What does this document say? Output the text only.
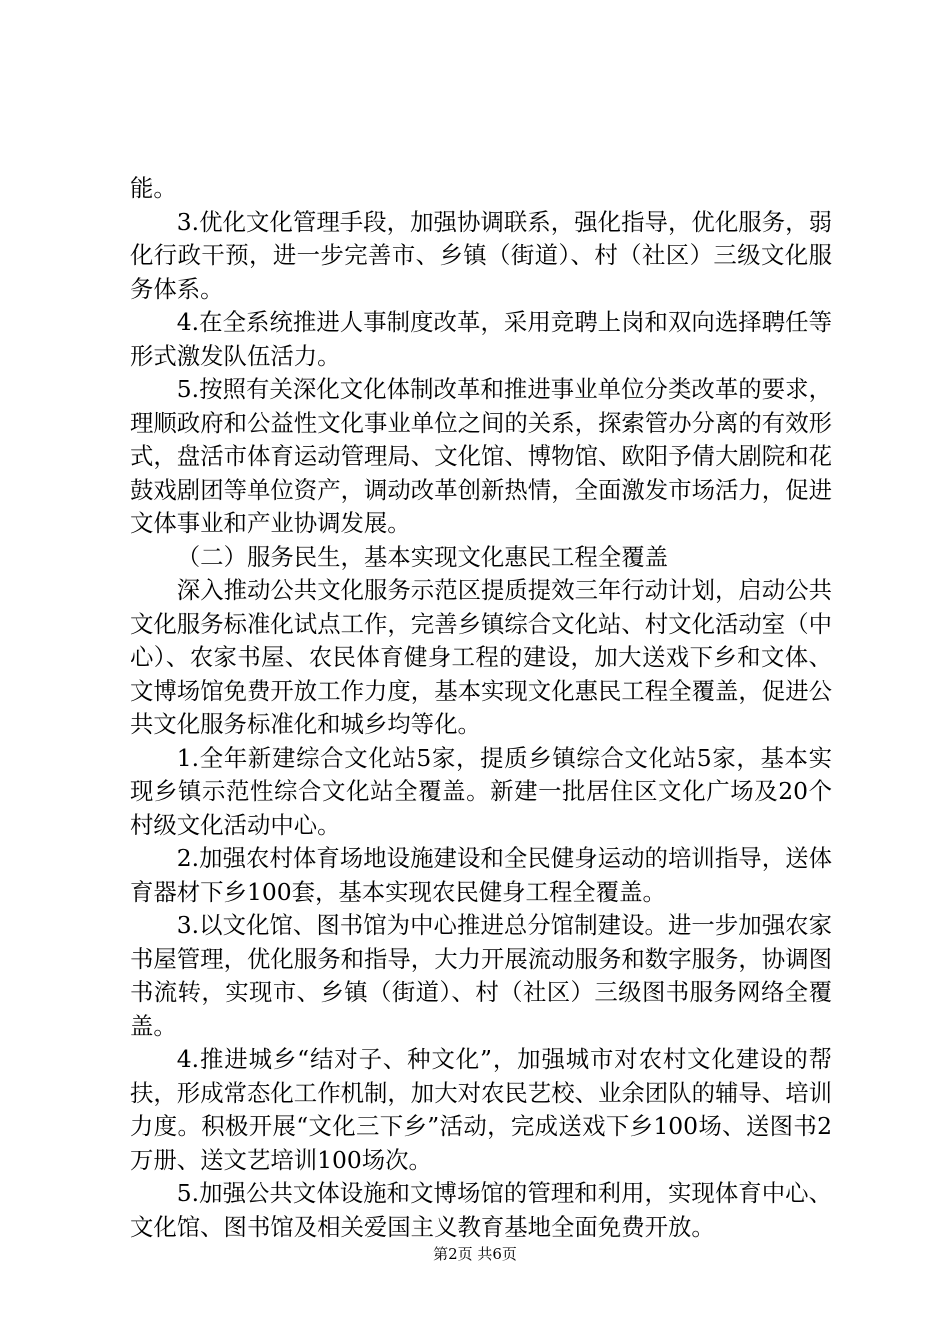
能。

3.优化文化管理手段，加强协调联系，强化指导，优化服务，弱化行政干预，进一步完善市、乡镇（街道）、村（社区）三级文化服务体系。

4.在全系统推进人事制度改革，采用竞聘上岗和双向选择聘任等形式激发队伍活力。

5.按照有关深化文化体制改革和推进事业单位分类改革的要求，理顺政府和公益性文化事业单位之间的关系，探索管办分离的有效形式，盘活市体育运动管理局、文化馆、博物馆、欧阳予倩大剧院和花鼓戏剧团等单位资产，调动改革创新热情，全面激发市场活力，促进文体事业和产业协调发展。

（二）服务民生，基本实现文化惠民工程全覆盖

深入推动公共文化服务示范区提质提效三年行动计划，启动公共文化服务标准化试点工作，完善乡镇综合文化站、村文化活动室（中心）、农家书屋、农民体育健身工程的建设，加大送戏下乡和文体、文博场馆免费开放工作力度，基本实现文化惠民工程全覆盖，促进公共文化服务标准化和城乡均等化。

1.全年新建综合文化站5家，提质乡镇综合文化站5家，基本实现乡镇示范性综合文化站全覆盖。新建一批居住区文化广场及20个村级文化活动中心。

2.加强农村体育场地设施建设和全民健身运动的培训指导，送体育器材下乡100套，基本实现农民健身工程全覆盖。

3.以文化馆、图书馆为中心推进总分馆制建设。进一步加强农家书屋管理，优化服务和指导，大力开展流动服务和数字服务，协调图书流转，实现市、乡镇（街道）、村（社区）三级图书服务网络全覆盖。

4.推进城乡“结对子、种文化”，加强城市对农村文化建设的帮扶，形成常态化工作机制，加大对农民艺校、业余团队的辅导、培训力度。积极开展“文化三下乡”活动，完成送戏下乡100场、送图书2万册、送文艺培训100场次。

5.加强公共文体设施和文博场馆的管理和利用，实现体育中心、文化馆、图书馆及相关爱国主义教育基地全面免费开放。

第2页 共6页
